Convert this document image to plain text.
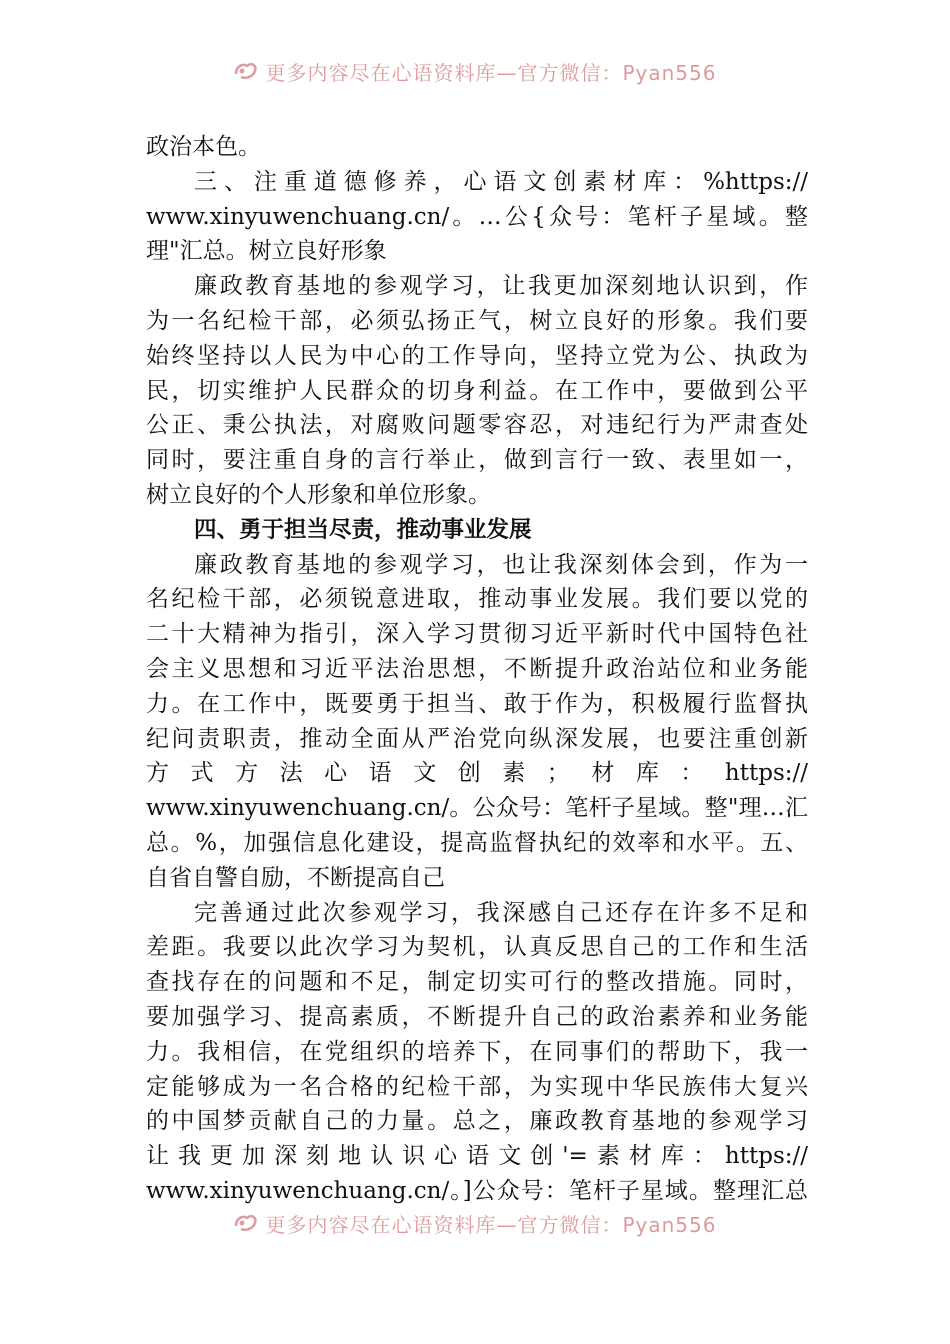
更多内容尽在心语资料库—官方微信：Pyan556
政治本色。
三、注重道德修养，心语文创素材库：%https://
www.xinyuwenchuang.cn/。…公{众号：笔杆子星域。整
理"汇总。树立良好形象
廉政教育基地的参观学习，让我更加深刻地认识到，作
为一名纪检干部，必须弘扬正气，树立良好的形象。我们要
始终坚持以人民为中心的工作导向，坚持立党为公、执政为
民，切实维护人民群众的切身利益。在工作中，要做到公平
公正、秉公执法，对腐败问题零容忍，对违纪行为严肃查处
同时，要注重自身的言行举止，做到言行一致、表里如一，
树立良好的个人形象和单位形象。
四、勇于担当尽责，推动事业发展
廉政教育基地的参观学习，也让我深刻体会到，作为一
名纪检干部，必须锐意进取，推动事业发展。我们要以党的
二十大精神为指引，深入学习贯彻习近平新时代中国特色社
会主义思想和习近平法治思想，不断提升政治站位和业务能
力。在工作中，既要勇于担当、敢于作为，积极履行监督执
纪问责职责，推动全面从严治党向纵深发展，也要注重创新
方式方法心语文创素；材库：https://
www.xinyuwenchuang.cn/。公众号：笔杆子星域。整"理…汇
总。%，加强信息化建设，提高监督执纪的效率和水平。五、
自省自警自励，不断提高自己
完善通过此次参观学习，我深感自己还存在许多不足和
差距。我要以此次学习为契机，认真反思自己的工作和生活
查找存在的问题和不足，制定切实可行的整改措施。同时，
要加强学习、提高素质，不断提升自己的政治素养和业务能
力。我相信，在党组织的培养下，在同事们的帮助下，我一
定能够成为一名合格的纪检干部，为实现中华民族伟大复兴
的中国梦贡献自己的力量。总之，廉政教育基地的参观学习
让我更加深刻地认识心语文创'=素材库：https://
www.xinyuwenchuang.cn/。]公众号：笔杆子星域。整理汇总
更多内容尽在心语资料库—官方微信：Pyan556
